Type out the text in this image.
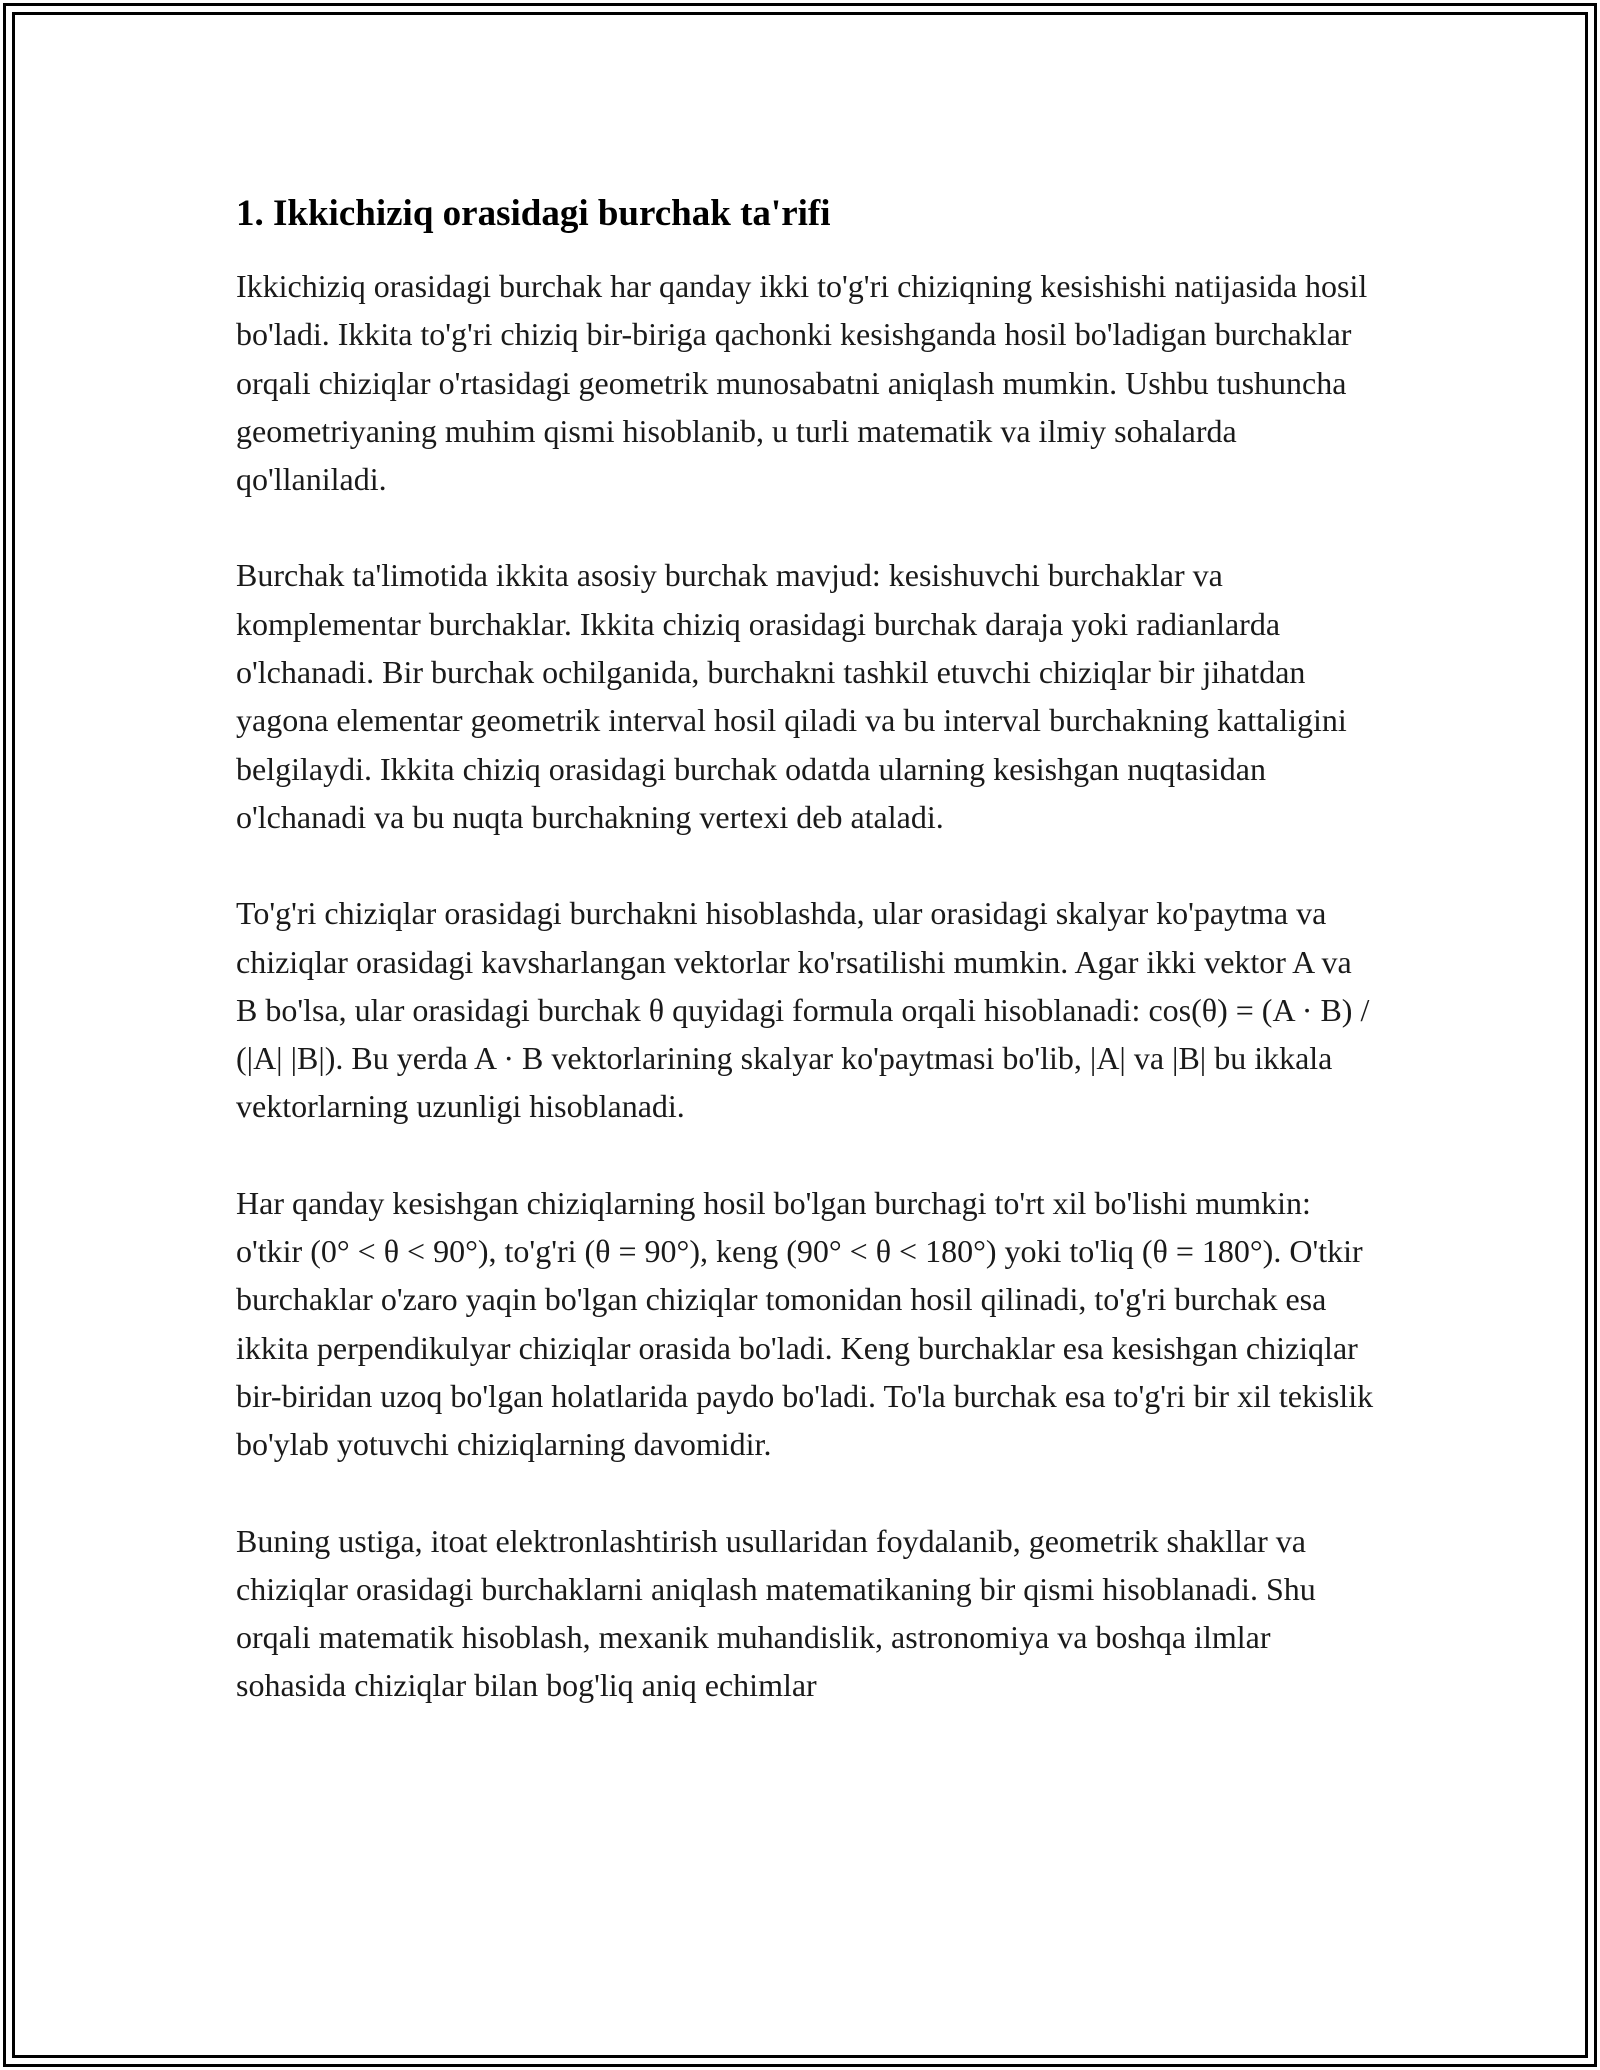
1. Ikkichiziq orasidagi burchak ta'rifi

Ikkichiziq orasidagi burchak har qanday ikki to'g'ri chiziqning kesishishi natijasida hosil bo'ladi. Ikkita to'g'ri chiziq bir-biriga qachonki kesishganda hosil bo'ladigan burchaklar orqali chiziqlar o'rtasidagi geometrik munosabatni aniqlash mumkin. Ushbu tushuncha geometriyaning muhim qismi hisoblanib, u turli matematik va ilmiy sohalarda qo'llaniladi.

Burchak ta'limotida ikkita asosiy burchak mavjud: kesishuvchi burchaklar va komplementar burchaklar. Ikkita chiziq orasidagi burchak daraja yoki radianlarda o'lchanadi. Bir burchak ochilganida, burchakni tashkil etuvchi chiziqlar bir jihatdan yagona elementar geometrik interval hosil qiladi va bu interval burchakning kattaligini belgilaydi. Ikkita chiziq orasidagi burchak odatda ularning kesishgan nuqtasidan o'lchanadi va bu nuqta burchakning vertexi deb ataladi.

To'g'ri chiziqlar orasidagi burchakni hisoblashda, ular orasidagi skalyar ko'paytma va chiziqlar orasidagi kavsharlangan vektorlar ko'rsatilishi mumkin. Agar ikki vektor A va B bo'lsa, ular orasidagi burchak θ quyidagi formula orqali hisoblanadi: cos(θ) = (A · B) / (|A| |B|). Bu yerda A · B vektorlarining skalyar ko'paytmasi bo'lib, |A| va |B| bu ikkala vektorlarning uzunligi hisoblanadi.

Har qanday kesishgan chiziqlarning hosil bo'lgan burchagi to'rt xil bo'lishi mumkin: o'tkir (0° < θ < 90°), to'g'ri (θ = 90°), keng (90° < θ < 180°) yoki to'liq (θ = 180°). O'tkir burchaklar o'zaro yaqin bo'lgan chiziqlar tomonidan hosil qilinadi, to'g'ri burchak esa ikkita perpendikulyar chiziqlar orasida bo'ladi. Keng burchaklar esa kesishgan chiziqlar bir-biridan uzoq bo'lgan holatlarida paydo bo'ladi. To'la burchak esa to'g'ri bir xil tekislik bo'ylab yotuvchi chiziqlarning davomidir.

Buning ustiga, itoat elektronlashtirish usullaridan foydalanib, geometrik shakllar va chiziqlar orasidagi burchaklarni aniqlash matematikaning bir qismi hisoblanadi. Shu orqali matematik hisoblash, mexanik muhandislik, astronomiya va boshqa ilmlar sohasida chiziqlar bilan bog'liq aniq echimlar
